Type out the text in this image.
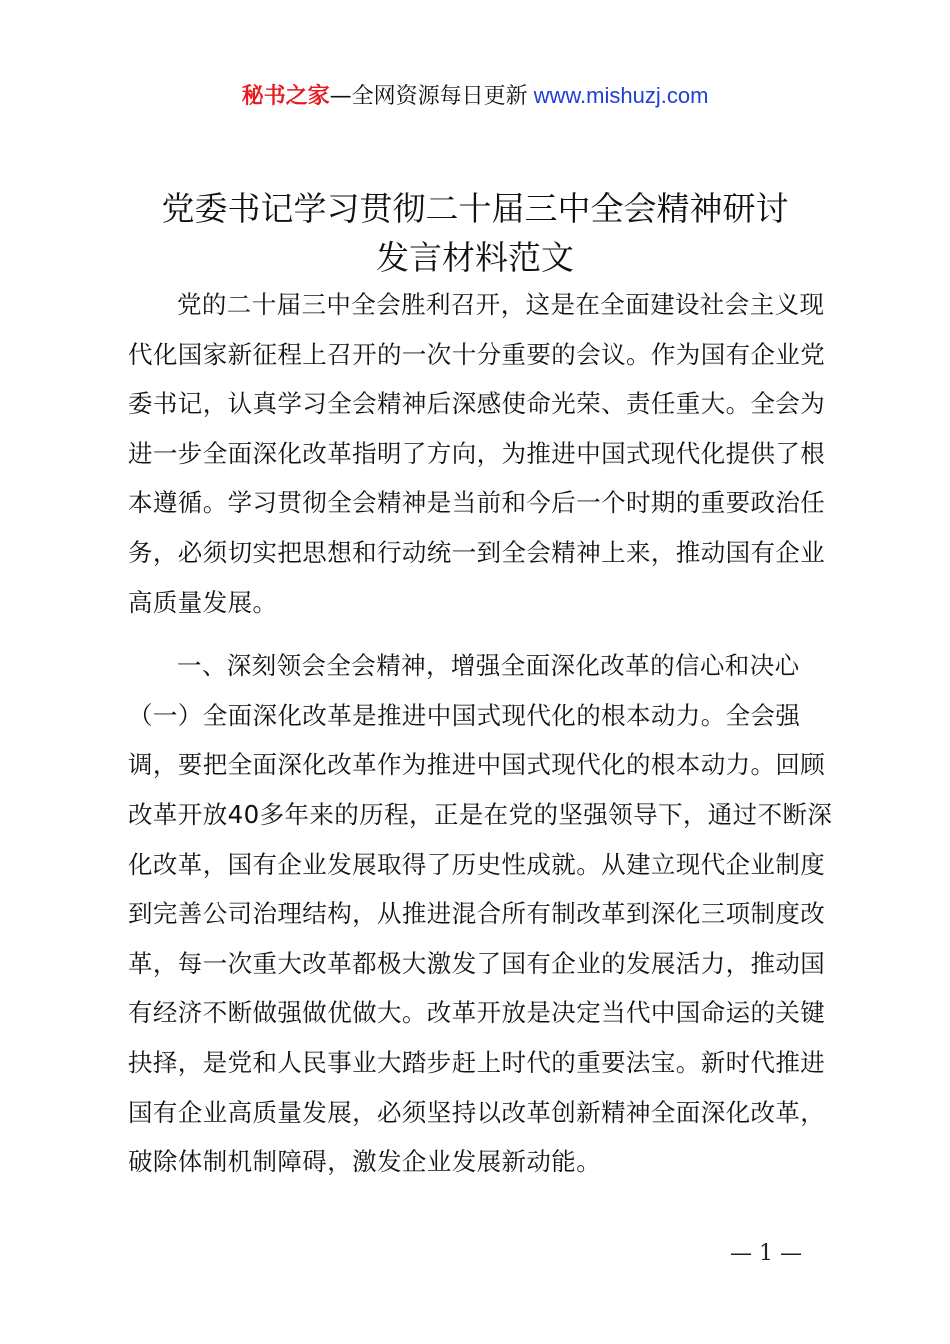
秘书之家—全网资源每日更新 www.mishuzj.com
党委书记学习贯彻二十届三中全会精神研讨
发言材料范文

党的二十届三中全会胜利召开，这是在全面建设社会主义现代化国家新征程上召开的一次十分重要的会议。作为国有企业党委书记，认真学习全会精神后深感使命光荣、责任重大。全会为进一步全面深化改革指明了方向，为推进中国式现代化提供了根本遵循。学习贯彻全会精神是当前和今后一个时期的重要政治任务，必须切实把思想和行动统一到全会精神上来，推动国有企业高质量发展。

一、深刻领会全会精神，增强全面深化改革的信心和决心

（一）全面深化改革是推进中国式现代化的根本动力。全会强调，要把全面深化改革作为推进中国式现代化的根本动力。回顾改革开放40多年来的历程，正是在党的坚强领导下，通过不断深化改革，国有企业发展取得了历史性成就。从建立现代企业制度到完善公司治理结构，从推进混合所有制改革到深化三项制度改革，每一次重大改革都极大激发了国有企业的发展活力，推动国有经济不断做强做优做大。改革开放是决定当代中国命运的关键抉择，是党和人民事业大踏步赶上时代的重要法宝。新时代推进国有企业高质量发展，必须坚持以改革创新精神全面深化改革，破除体制机制障碍，激发企业发展新动能。

— 1 —
